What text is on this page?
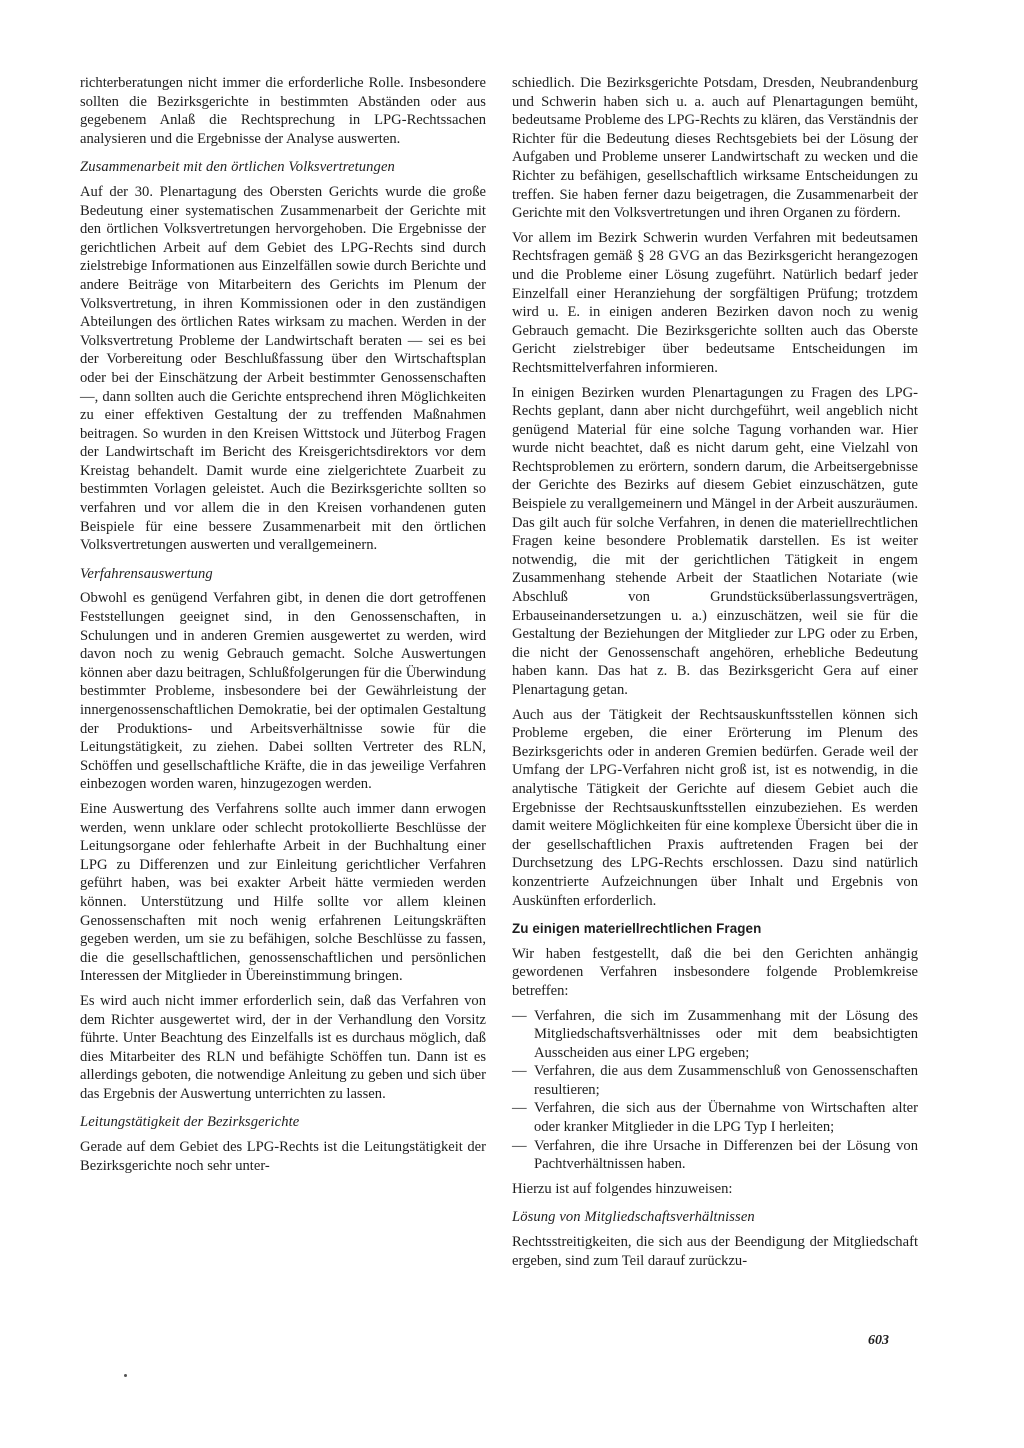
richterberatungen nicht immer die erforderliche Rolle. Insbesondere sollten die Bezirksgerichte in bestimmten Abständen oder aus gegebenem Anlaß die Rechtsprechung in LPG-Rechtssachen analysieren und die Ergebnisse der Analyse auswerten.

Zusammenarbeit mit den örtlichen Volksvertretungen

Auf der 30. Plenartagung des Obersten Gerichts wurde die große Bedeutung einer systematischen Zusammenarbeit der Gerichte mit den örtlichen Volksvertretungen hervorgehoben. Die Ergebnisse der gerichtlichen Arbeit auf dem Gebiet des LPG-Rechts sind durch zielstrebige Informationen aus Einzelfällen sowie durch Berichte und andere Beiträge von Mitarbeitern des Gerichts im Plenum der Volksvertretung, in ihren Kommissionen oder in den zuständigen Abteilungen des örtlichen Rates wirksam zu machen. Werden in der Volksvertretung Probleme der Landwirtschaft beraten — sei es bei der Vorbereitung oder Beschlußfassung über den Wirtschaftsplan oder bei der Einschätzung der Arbeit bestimmter Genossenschaften —, dann sollten auch die Gerichte entsprechend ihren Möglichkeiten zu einer effektiven Gestaltung der zu treffenden Maßnahmen beitragen. So wurden in den Kreisen Wittstock und Jüterbog Fragen der Landwirtschaft im Bericht des Kreisgerichtsdirektors vor dem Kreistag behandelt. Damit wurde eine zielgerichtete Zuarbeit zu bestimmten Vorlagen geleistet. Auch die Bezirksgerichte sollten so verfahren und vor allem die in den Kreisen vorhandenen guten Beispiele für eine bessere Zusammenarbeit mit den örtlichen Volksvertretungen auswerten und verallgemeinern.

Verfahrensauswertung

Obwohl es genügend Verfahren gibt, in denen die dort getroffenen Feststellungen geeignet sind, in den Genossenschaften, in Schulungen und in anderen Gremien ausgewertet zu werden, wird davon noch zu wenig Gebrauch gemacht. Solche Auswertungen können aber dazu beitragen, Schlußfolgerungen für die Überwindung bestimmter Probleme, insbesondere bei der Gewährleistung der innergenossenschaftlichen Demokratie, bei der optimalen Gestaltung der Produktions- und Arbeitsverhältnisse sowie für die Leitungstätigkeit, zu ziehen. Dabei sollten Vertreter des RLN, Schöffen und gesellschaftliche Kräfte, die in das jeweilige Verfahren einbezogen worden waren, hinzugezogen werden.

Eine Auswertung des Verfahrens sollte auch immer dann erwogen werden, wenn unklare oder schlecht protokollierte Beschlüsse der Leitungsorgane oder fehlerhafte Arbeit in der Buchhaltung einer LPG zu Differenzen und zur Einleitung gerichtlicher Verfahren geführt haben, was bei exakter Arbeit hätte vermieden werden können. Unterstützung und Hilfe sollte vor allem kleinen Genossenschaften mit noch wenig erfahrenen Leitungskräften gegeben werden, um sie zu befähigen, solche Beschlüsse zu fassen, die die gesellschaftlichen, genossenschaftlichen und persönlichen Interessen der Mitglieder in Übereinstimmung bringen.

Es wird auch nicht immer erforderlich sein, daß das Verfahren von dem Richter ausgewertet wird, der in der Verhandlung den Vorsitz führte. Unter Beachtung des Einzelfalls ist es durchaus möglich, daß dies Mitarbeiter des RLN und befähigte Schöffen tun. Dann ist es allerdings geboten, die notwendige Anleitung zu geben und sich über das Ergebnis der Auswertung unterrichten zu lassen.

Leitungstätigkeit der Bezirksgerichte

Gerade auf dem Gebiet des LPG-Rechts ist die Leitungstätigkeit der Bezirksgerichte noch sehr unter-

schiedlich. Die Bezirksgerichte Potsdam, Dresden, Neubrandenburg und Schwerin haben sich u. a. auch auf Plenartagungen bemüht, bedeutsame Probleme des LPG-Rechts zu klären, das Verständnis der Richter für die Bedeutung dieses Rechtsgebiets bei der Lösung der Aufgaben und Probleme unserer Landwirtschaft zu wecken und die Richter zu befähigen, gesellschaftlich wirksame Entscheidungen zu treffen. Sie haben ferner dazu beigetragen, die Zusammenarbeit der Gerichte mit den Volksvertretungen und ihren Organen zu fördern.

Vor allem im Bezirk Schwerin wurden Verfahren mit bedeutsamen Rechtsfragen gemäß § 28 GVG an das Bezirksgericht herangezogen und die Probleme einer Lösung zugeführt. Natürlich bedarf jeder Einzelfall einer Heranziehung der sorgfältigen Prüfung; trotzdem wird u. E. in einigen anderen Bezirken davon noch zu wenig Gebrauch gemacht. Die Bezirksgerichte sollten auch das Oberste Gericht zielstrebiger über bedeutsame Entscheidungen im Rechtsmittelverfahren informieren.

In einigen Bezirken wurden Plenartagungen zu Fragen des LPG-Rechts geplant, dann aber nicht durchgeführt, weil angeblich nicht genügend Material für eine solche Tagung vorhanden war. Hier wurde nicht beachtet, daß es nicht darum geht, eine Vielzahl von Rechtsproblemen zu erörtern, sondern darum, die Arbeitsergebnisse der Gerichte des Bezirks auf diesem Gebiet einzuschätzen, gute Beispiele zu verallgemeinern und Mängel in der Arbeit auszuräumen. Das gilt auch für solche Verfahren, in denen die materiellrechtlichen Fragen keine besondere Problematik darstellen. Es ist weiter notwendig, die mit der gerichtlichen Tätigkeit in engem Zusammenhang stehende Arbeit der Staatlichen Notariate (wie Abschluß von Grundstücksüberlassungsverträgen, Erbauseinandersetzungen u. a.) einzuschätzen, weil sie für die Gestaltung der Beziehungen der Mitglieder zur LPG oder zu Erben, die nicht der Genossenschaft angehören, erhebliche Bedeutung haben kann. Das hat z. B. das Bezirksgericht Gera auf einer Plenartagung getan.

Auch aus der Tätigkeit der Rechtsauskunftsstellen können sich Probleme ergeben, die einer Erörterung im Plenum des Bezirksgerichts oder in anderen Gremien bedürfen. Gerade weil der Umfang der LPG-Verfahren nicht groß ist, ist es notwendig, in die analytische Tätigkeit der Gerichte auf diesem Gebiet auch die Ergebnisse der Rechtsauskunftsstellen einzubeziehen. Es werden damit weitere Möglichkeiten für eine komplexe Übersicht über die in der gesellschaftlichen Praxis auftretenden Fragen bei der Durchsetzung des LPG-Rechts erschlossen. Dazu sind natürlich konzentrierte Aufzeichnungen über Inhalt und Ergebnis von Auskünften erforderlich.

Zu einigen materiellrechtlichen Fragen

Wir haben festgestellt, daß die bei den Gerichten anhängig gewordenen Verfahren insbesondere folgende Problemkreise betreffen:

— Verfahren, die sich im Zusammenhang mit der Lösung des Mitgliedschaftsverhältnisses oder mit dem beabsichtigten Ausscheiden aus einer LPG ergeben;
— Verfahren, die aus dem Zusammenschluß von Genossenschaften resultieren;
— Verfahren, die sich aus der Übernahme von Wirtschaften alter oder kranker Mitglieder in die LPG Typ I herleiten;
— Verfahren, die ihre Ursache in Differenzen bei der Lösung von Pachtverhältnissen haben.

Hierzu ist auf folgendes hinzuweisen:

Lösung von Mitgliedschaftsverhältnissen

Rechtsstreitigkeiten, die sich aus der Beendigung der Mitgliedschaft ergeben, sind zum Teil darauf zurückzu-

603
